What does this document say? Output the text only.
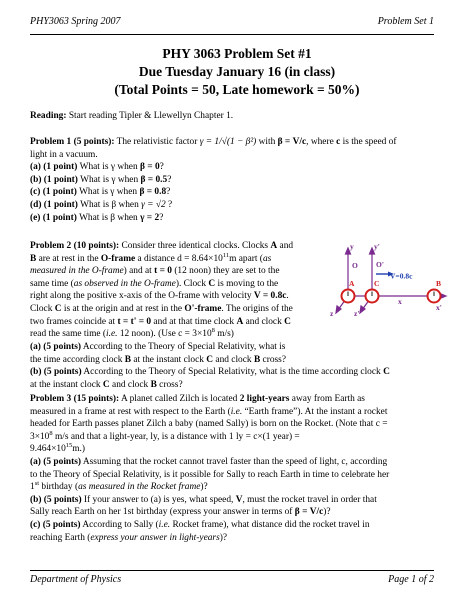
PHY3063 Spring 2007	Problem Set 1
PHY 3063 Problem Set #1
Due Tuesday January 16 (in class)
(Total Points = 50, Late homework = 50%)
Reading: Start reading Tipler & Llewellyn Chapter 1.
Problem 1 (5 points): The relativistic factor γ = 1/√(1 − β²) with β = V/c, where c is the speed of
light in a vacuum.
(a) (1 point) What is γ when β = 0?
(b) (1 point) What is γ when β = 0.5?
(c) (1 point) What is γ when β = 0.8?
(d) (1 point) What is β when γ = √2 ?
(e) (1 point) What is β when γ = 2?
Problem 2 (10 points): Consider three identical clocks. Clocks A and
B are at rest in the O-frame a distance $d = 8.64\times 10^{11}m$ apart (as
measured in the O-frame) and at t = 0 (12 noon) they are set to the
same time (as observed in the O-frame). Clock C is moving to the
right along the positive x-axis of the O-frame with velocity V = 0.8c.
Clock C is at the origin and at rest in the O'-frame. The origins of the
two frames coincide at t = t' = 0 and at that time clock A and clock C
read the same time (i.e. 12 noon). (Use $c = 3\times 10^8$ m/s)
(a) (5 points) According to the Theory of Special Relativity, what is
the time according clock B at the instant clock C and clock B cross?
(b) (5 points) According to the Theory of Special Relativity, what is the time according clock C
at the instant clock C and clock B cross?
y	y'
O O'
V=0.8c
x
x'
z	z'
A	C	B
Problem 3 (15 points): A planet called Zilch is located 2 light-years away from Earth as
measured in a frame at rest with respect to the Earth (i.e. “Earth frame”). At the instant a rocket
headed for Earth passes planet Zilch a baby (named Sally) is born on the Rocket. (Note that c =
$3\times 10^8$ m/s and that a light-year, ly, is a distance with 1 ly = c×(1 year) =
$9.464\times 10^{15}m$.)
(a) (5 points) Assuming that the rocket cannot travel faster than the speed of light, c, according
to the Theory of Special Relativity, is it possible for Sally to reach Earth in time to celebrate her
1st birthday (as measured in the Rocket frame)?
(b) (5 points) If your answer to (a) is yes, what speed, V, must the rocket travel in order that
Sally reach Earth on her 1st birthday (express your answer in terms of β = V/c)?
(c) (5 points) According to Sally (i.e. Rocket frame), what distance did the rocket travel in
reaching Earth (express your answer in light-years)?
Department of Physics	Page 1 of 2
